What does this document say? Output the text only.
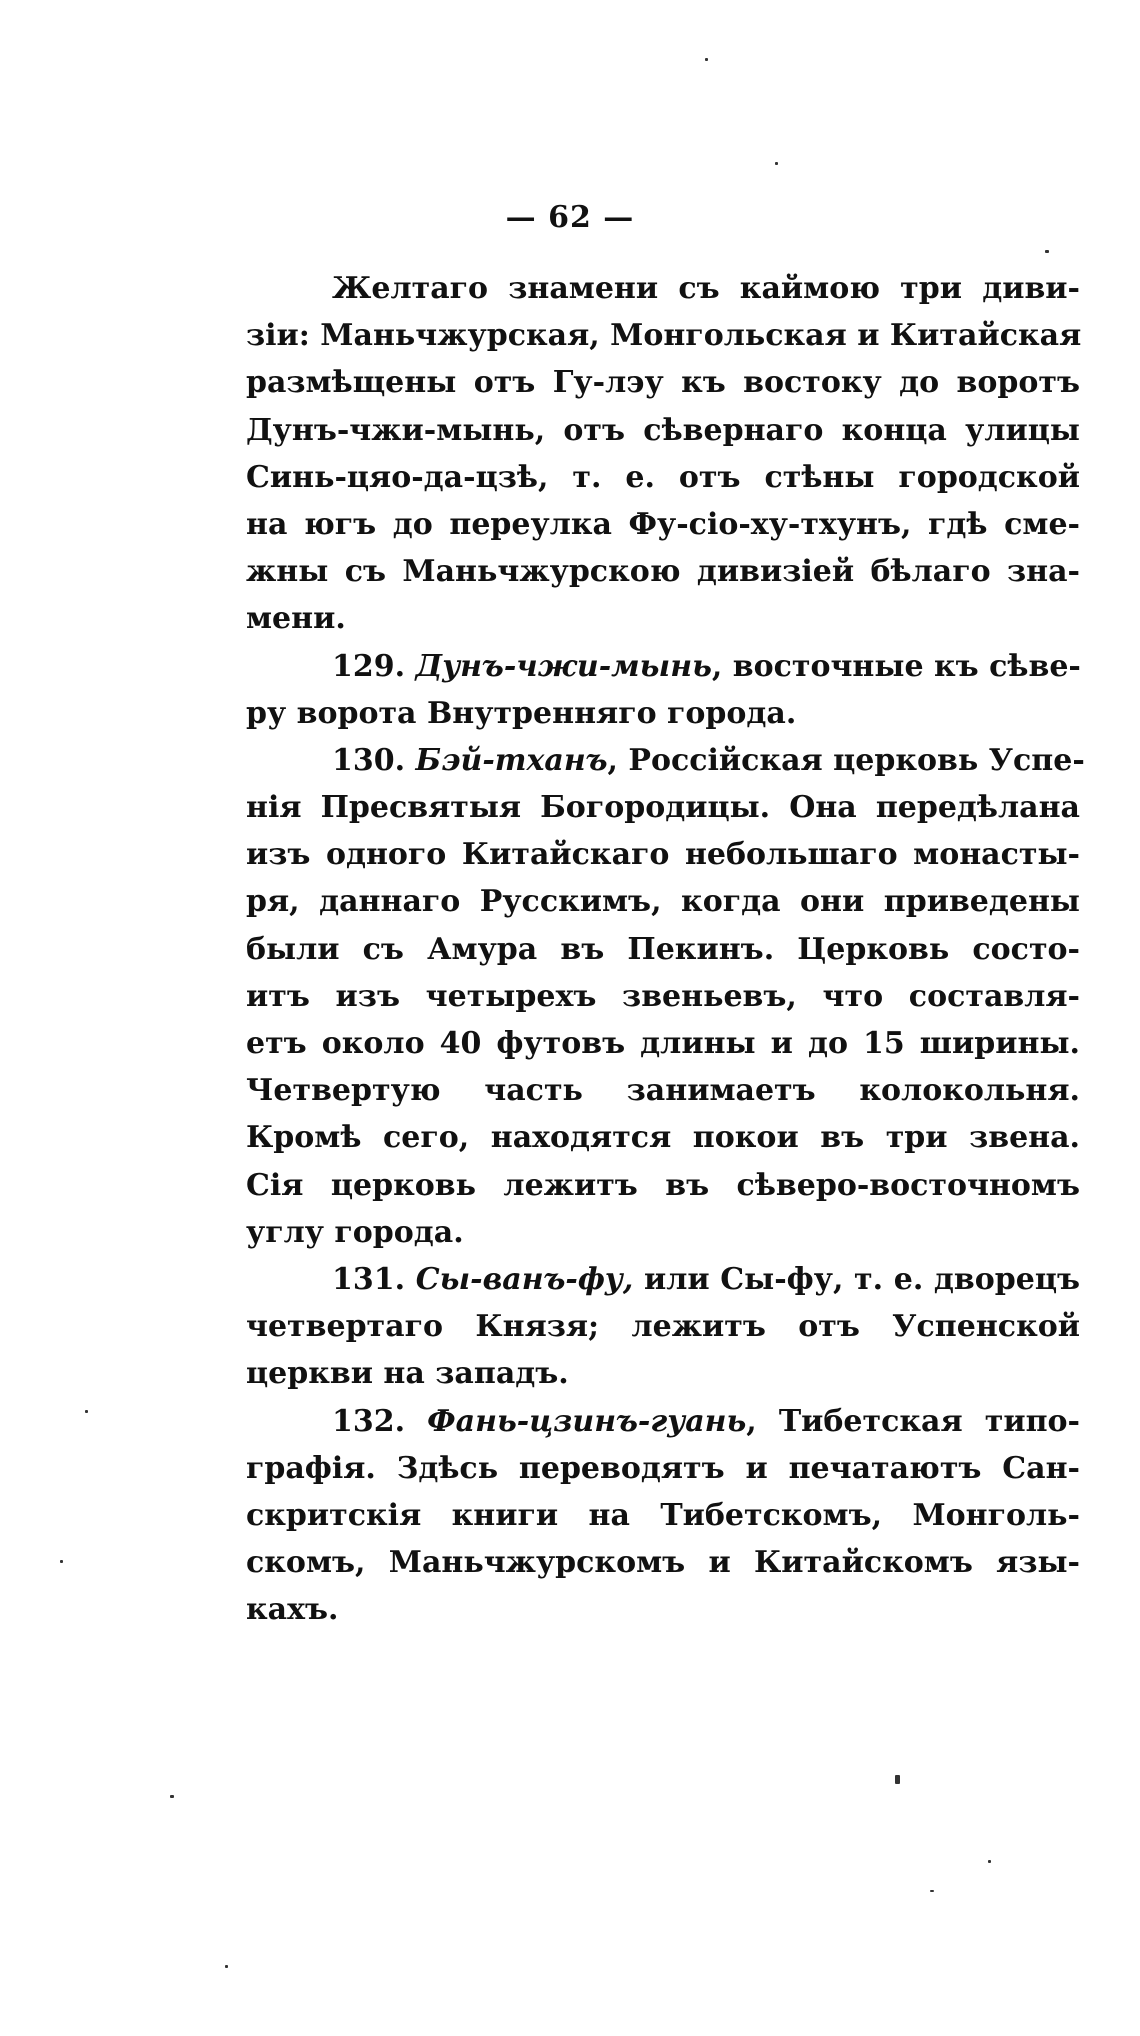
— 62 —
Желтаго знамени съ каймою три диви-
зіи: Маньчжурская, Монгольская и Китайская
размѣщены отъ Гу-лэу къ востоку до воротъ
Дунъ-чжи-мынь, отъ сѣвернаго конца улицы
Синь-цяо-да-цзѣ, т. е. отъ стѣны городской
на югъ до переулка Фу-сіо-ху-тхунъ, гдѣ сме-
жны съ Маньчжурскою дивизіей бѣлаго зна-
мени.
129. Дунъ-чжи-мынь, восточные къ сѣве-
ру ворота Внутренняго города.
130. Бэй-тханъ, Россійская церковь Успе-
нія Пресвятыя Богородицы. Она передѣлана
изъ одного Китайскаго небольшаго монасты-
ря, даннаго Русскимъ, когда они приведены
были съ Амура въ Пекинъ. Церковь состо-
итъ изъ четырехъ звеньевъ, что составля-
етъ около 40 футовъ длины и до 15 ширины.
Четвертую часть занимаетъ колокольня.
Кромѣ сего, находятся покои въ три звена.
Сія церковь лежитъ въ сѣверо-восточномъ
углу города.
131. Сы-ванъ-фу, или Сы-фу, т. е. дворецъ
четвертаго Князя; лежитъ отъ Успенской
церкви на западъ.
132. Фань-цзинъ-гуань, Тибетская типо-
графія. Здѣсь переводятъ и печатаютъ Сан-
скритскія книги на Тибетскомъ, Монголь-
скомъ, Маньчжурскомъ и Китайскомъ язы-
кахъ.
